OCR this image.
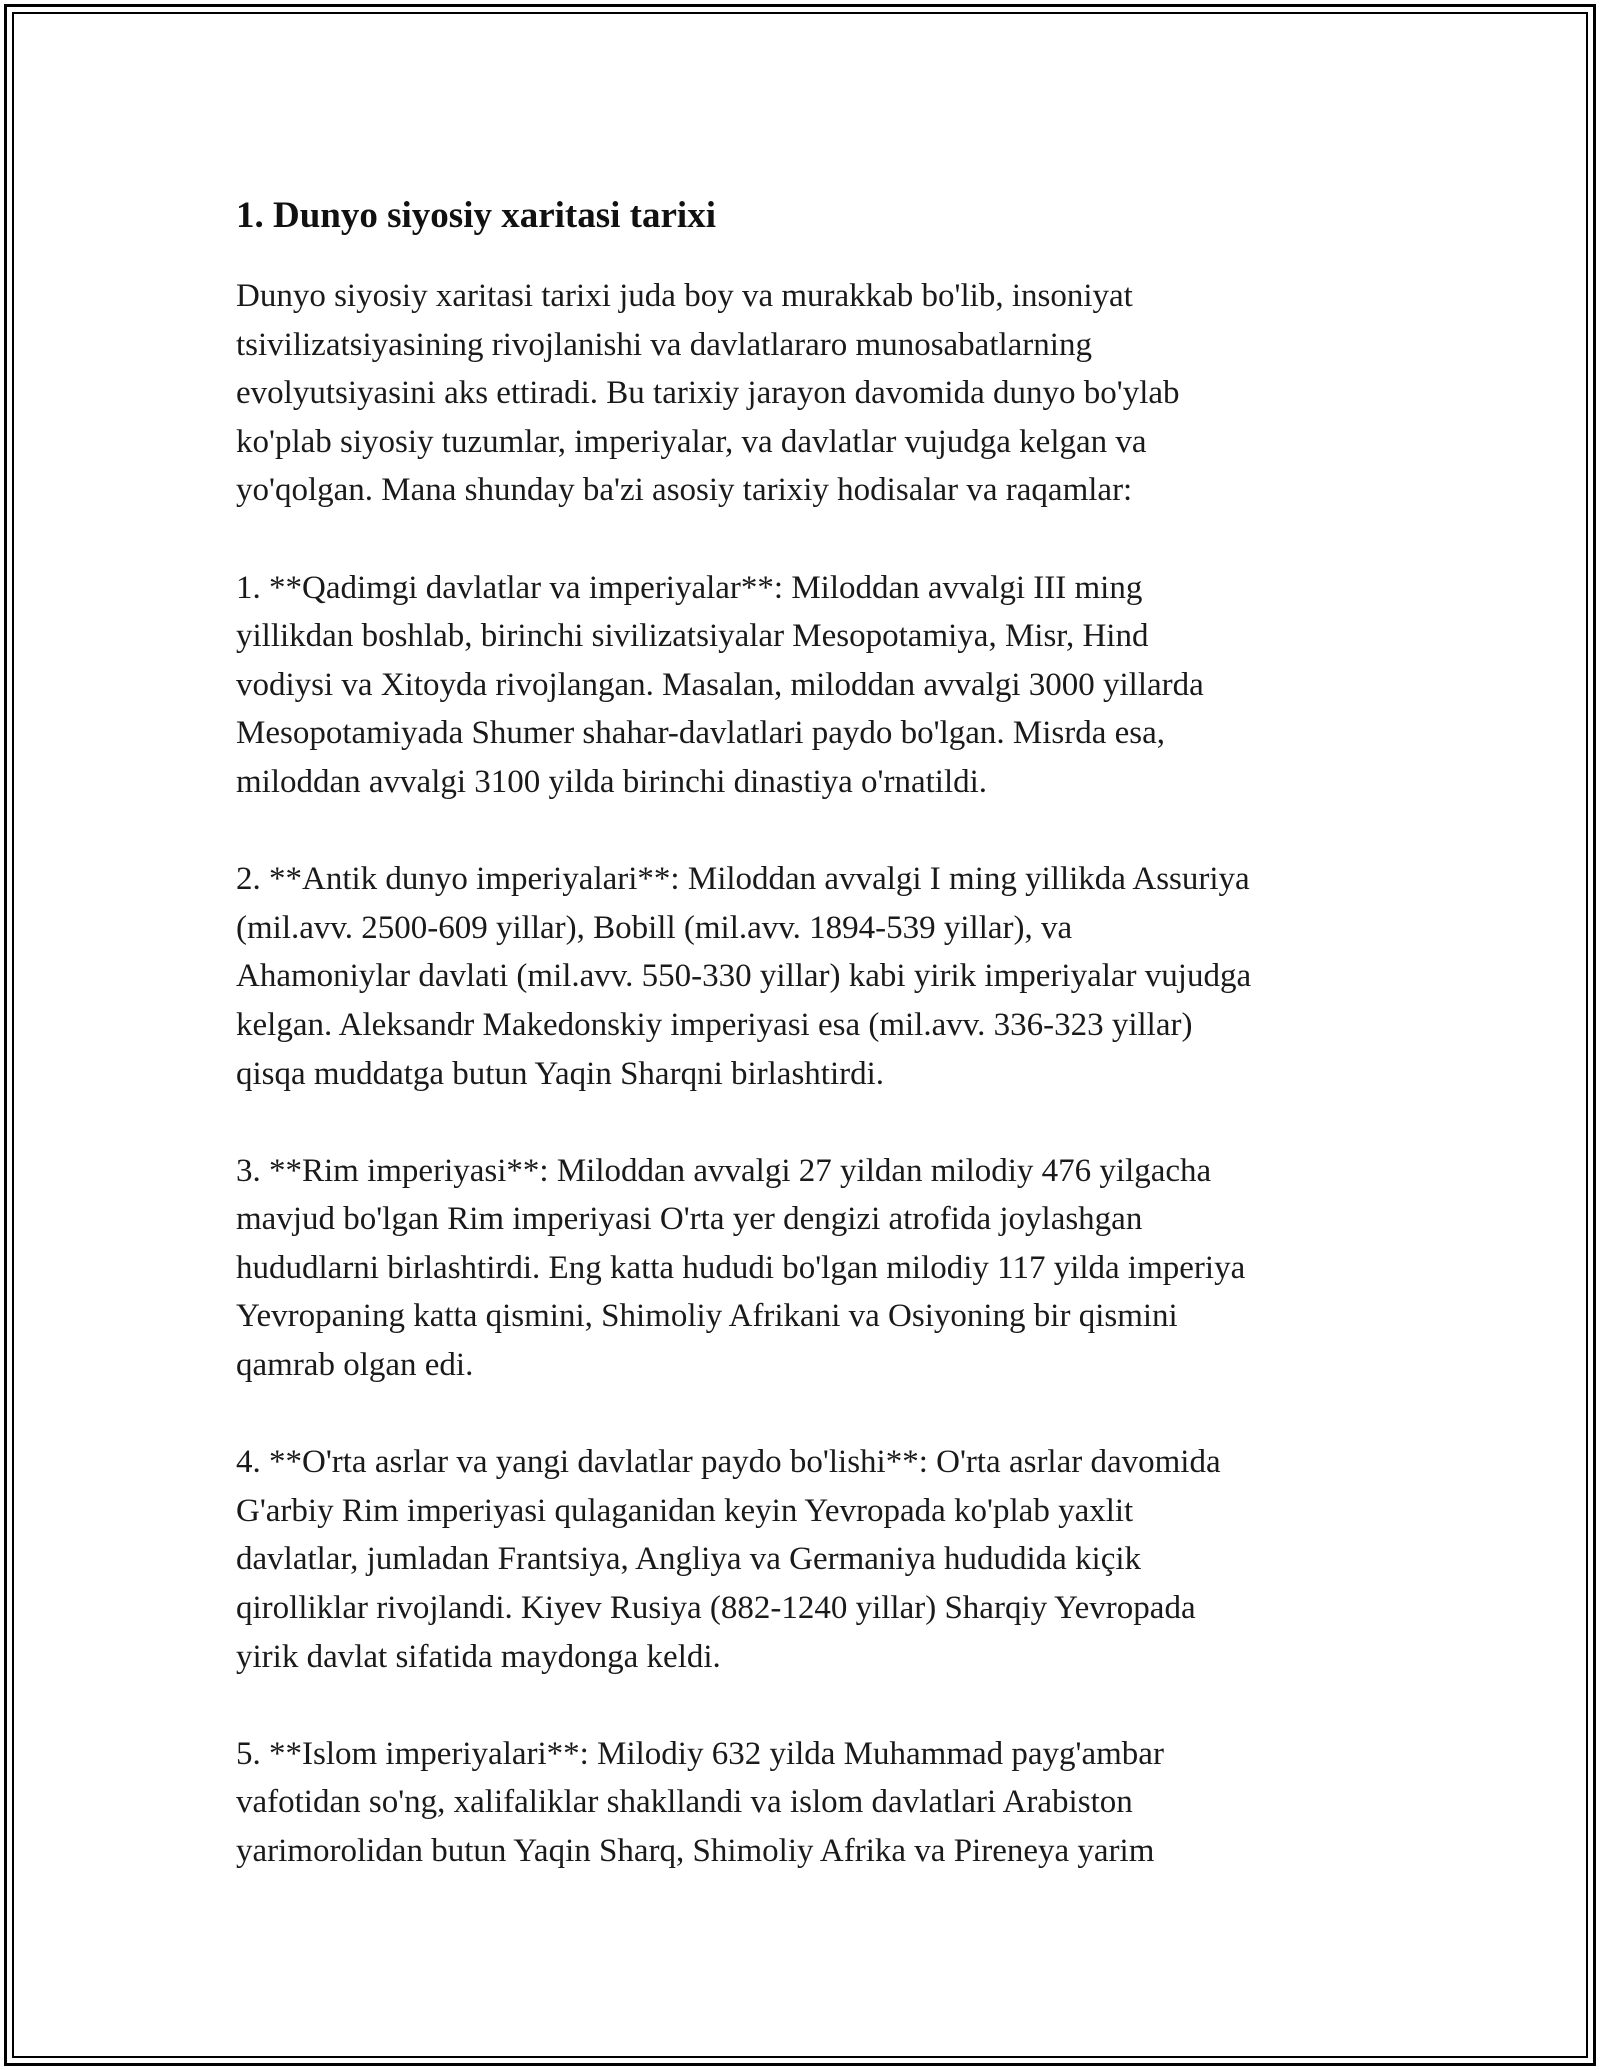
1. Dunyo siyosiy xaritasi tarixi
Dunyo siyosiy xaritasi tarixi juda boy va murakkab bo'lib, insoniyat
tsivilizatsiyasining rivojlanishi va davlatlararo munosabatlarning
evolyutsiyasini aks ettiradi. Bu tarixiy jarayon davomida dunyo bo'ylab
ko'plab siyosiy tuzumlar, imperiyalar, va davlatlar vujudga kelgan va
yo'qolgan. Mana shunday ba'zi asosiy tarixiy hodisalar va raqamlar:
1. **Qadimgi davlatlar va imperiyalar**: Miloddan avvalgi III ming
yillikdan boshlab, birinchi sivilizatsiyalar Mesopotamiya, Misr, Hind
vodiysi va Xitoyda rivojlangan. Masalan, miloddan avvalgi 3000 yillarda
Mesopotamiyada Shumer shahar-davlatlari paydo bo'lgan. Misrda esa,
miloddan avvalgi 3100 yilda birinchi dinastiya o'rnatildi.
2. **Antik dunyo imperiyalari**: Miloddan avvalgi I ming yillikda Assuriya
(mil.avv. 2500-609 yillar), Bobill (mil.avv. 1894-539 yillar), va
Ahamoniylar davlati (mil.avv. 550-330 yillar) kabi yirik imperiyalar vujudga
kelgan. Aleksandr Makedonskiy imperiyasi esa (mil.avv. 336-323 yillar)
qisqa muddatga butun Yaqin Sharqni birlashtirdi.
3. **Rim imperiyasi**: Miloddan avvalgi 27 yildan milodiy 476 yilgacha
mavjud bo'lgan Rim imperiyasi O'rta yer dengizi atrofida joylashgan
hududlarni birlashtirdi. Eng katta hududi bo'lgan milodiy 117 yilda imperiya
Yevropaning katta qismini, Shimoliy Afrikani va Osiyoning bir qismini
qamrab olgan edi.
4. **O'rta asrlar va yangi davlatlar paydo bo'lishi**: O'rta asrlar davomida
G'arbiy Rim imperiyasi qulaganidan keyin Yevropada ko'plab yaxlit
davlatlar, jumladan Frantsiya, Angliya va Germaniya hududida kiçik
qirolliklar rivojlandi. Kiyev Rusiya (882-1240 yillar) Sharqiy Yevropada
yirik davlat sifatida maydonga keldi.
5. **Islom imperiyalari**: Milodiy 632 yilda Muhammad payg'ambar
vafotidan so'ng, xalifaliklar shakllandi va islom davlatlari Arabiston
yarimorolidan butun Yaqin Sharq, Shimoliy Afrika va Pireneya yarim
